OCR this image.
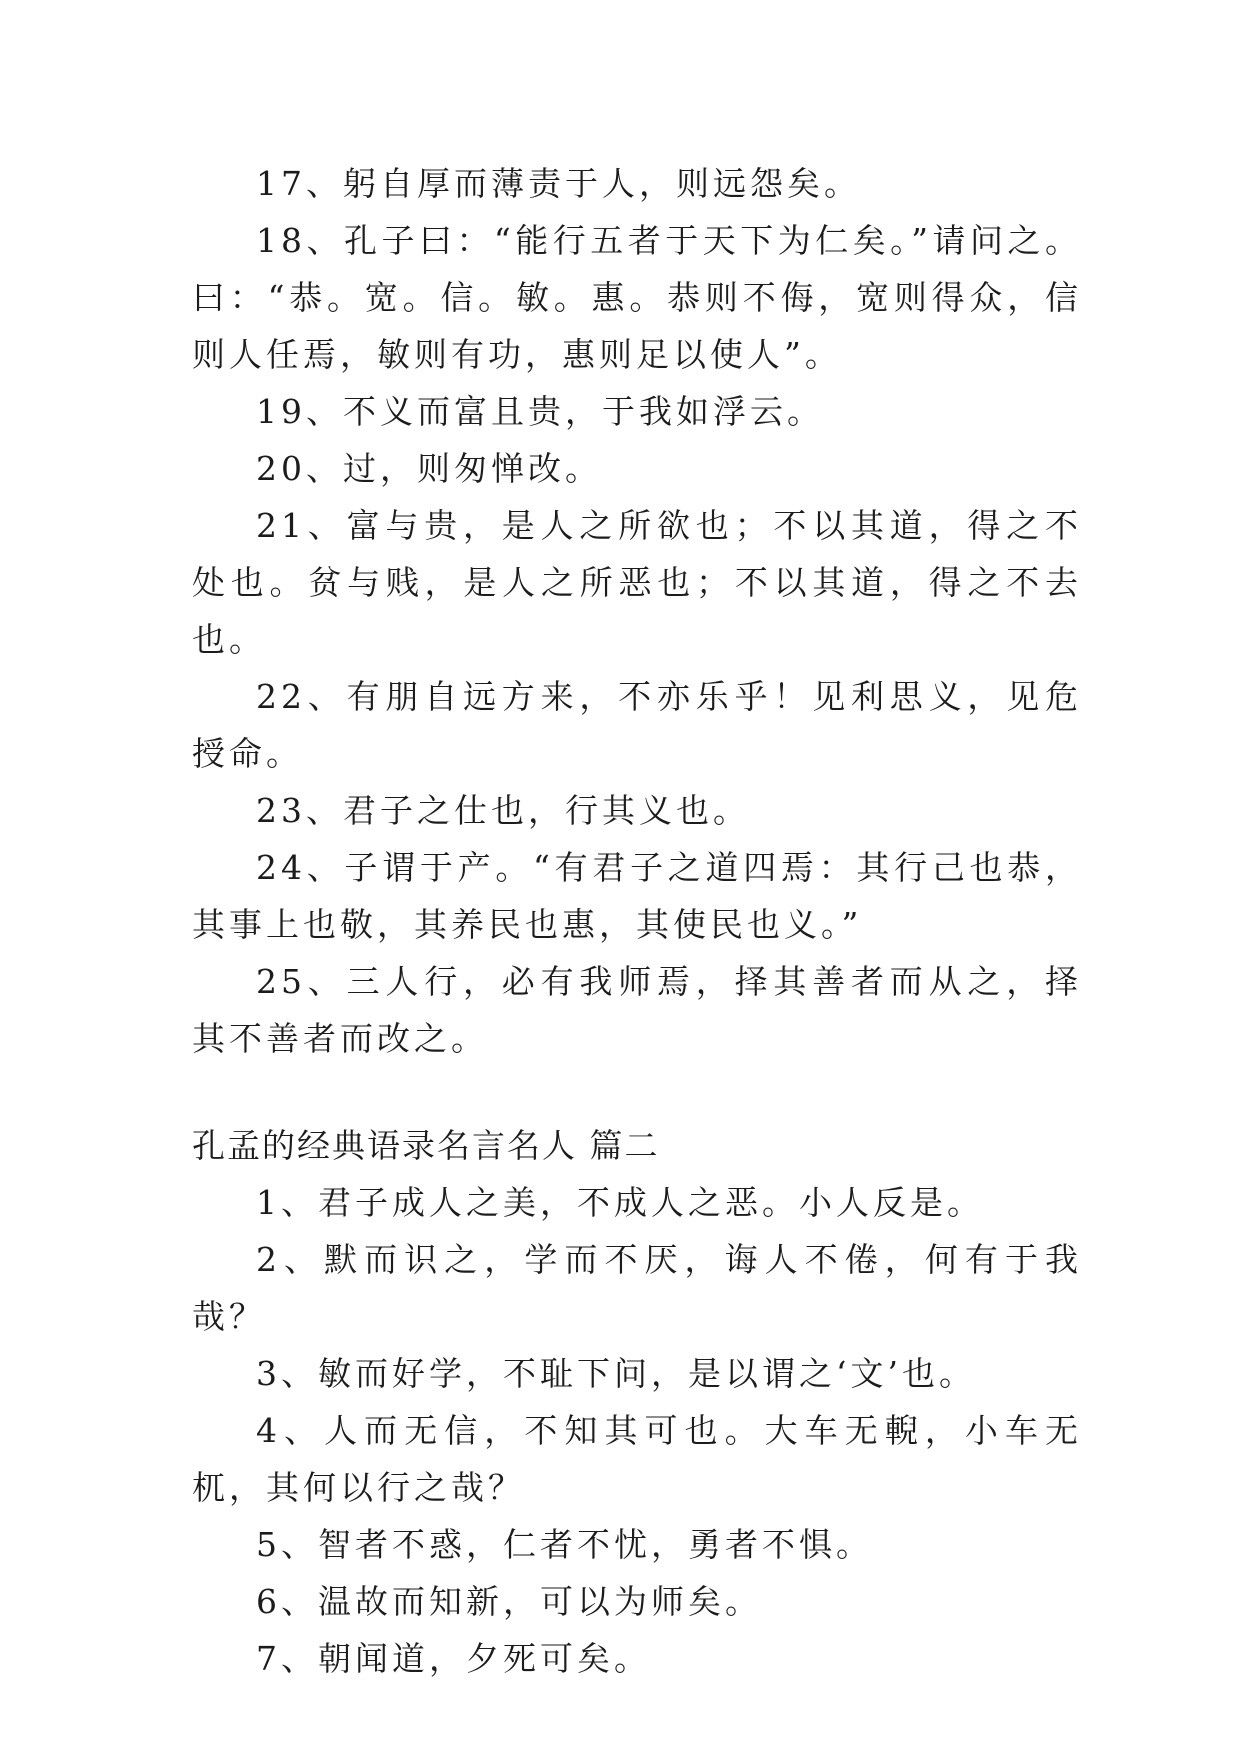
17、躬自厚而薄责于人，则远怨矣。

18、孔子曰：“能行五者于天下为仁矣。”请问之。曰：“恭。宽。信。敏。惠。恭则不侮，宽则得众，信则人任焉，敏则有功，惠则足以使人”。

19、不义而富且贵，于我如浮云。

20、过，则匆惮改。

21、富与贵，是人之所欲也；不以其道，得之不处也。贫与贱，是人之所恶也；不以其道，得之不去也。

22、有朋自远方来，不亦乐乎！见利思义，见危授命。

23、君子之仕也，行其义也。

24、子谓于产。“有君子之道四焉：其行己也恭，其事上也敬，其养民也惠，其使民也义。”

25、三人行，必有我师焉，择其善者而从之，择其不善者而改之。

孔孟的经典语录名言名人 篇二

1、君子成人之美，不成人之恶。小人反是。

2、默而识之，学而不厌，诲人不倦，何有于我哉？

3、敏而好学，不耻下问，是以谓之‘文’也。

4、人而无信，不知其可也。大车无輗，小车无杌，其何以行之哉？

5、智者不惑，仁者不忧，勇者不惧。

6、温故而知新，可以为师矣。

7、朝闻道，夕死可矣。
